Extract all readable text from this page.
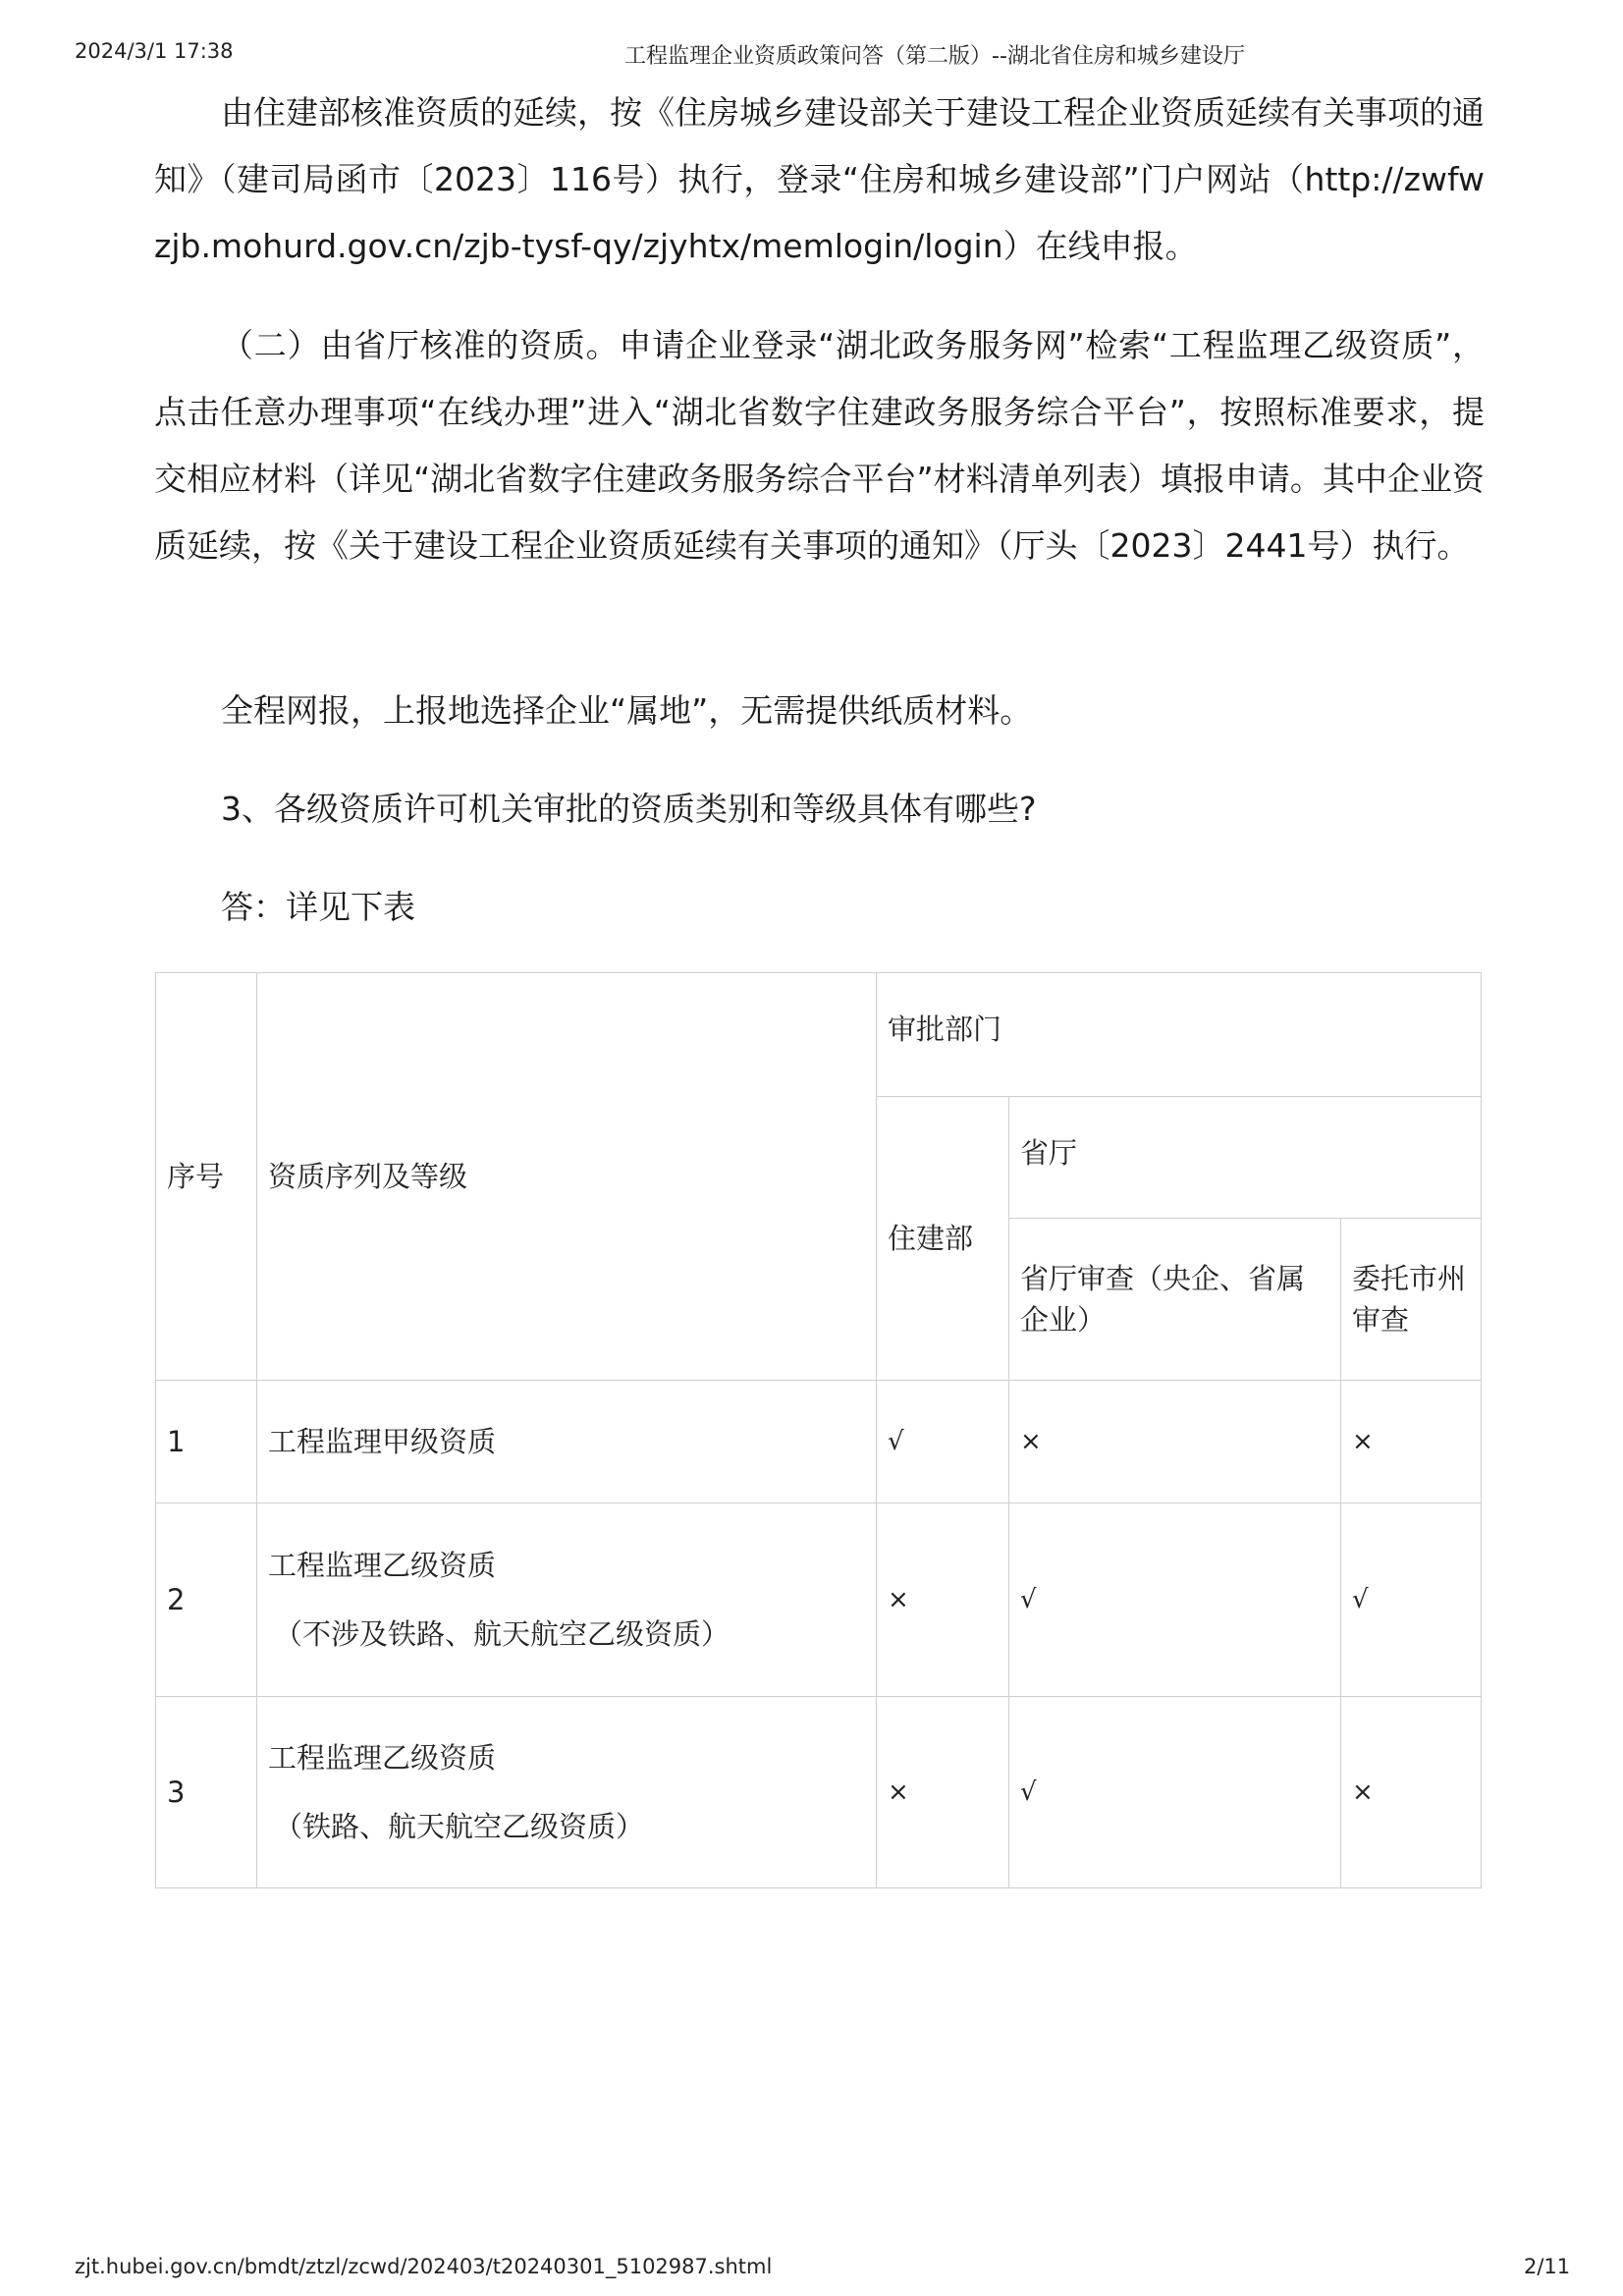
2024/3/1 17:38	工程监理企业资质政策问答（第二版）--湖北省住房和城乡建设厅

由住建部核准资质的延续，按《住房城乡建设部关于建设工程企业资质延续有关事项的通知》（建司局函市〔2023〕116号）执行，登录“住房和城乡建设部”门户网站（http://zwfwzjb.mohurd.gov.cn/zjb-tysf-qy/zjyhtx/memlogin/login）在线申报。

（二）由省厅核准的资质。申请企业登录“湖北政务服务网”检索“工程监理乙级资质”，点击任意办理事项“在线办理”进入“湖北省数字住建政务服务综合平台”，按照标准要求，提交相应材料（详见“湖北省数字住建政务服务综合平台”材料清单列表）填报申请。其中企业资质延续，按《关于建设工程企业资质延续有关事项的通知》（厅头〔2023〕2441号）执行。

全程网报，上报地选择企业“属地”，无需提供纸质材料。

3、各级资质许可机关审批的资质类别和等级具体有哪些?

答：详见下表

序号	资质序列及等级	审批部门		
		住建部	省厅	
			省厅审查（央企、省属企业）	委托市州审查
1	工程监理甲级资质	√	×	×
2	工程监理乙级资质
（不涉及铁路、航天航空乙级资质）	×	√	√
3	工程监理乙级资质
（铁路、航天航空乙级资质）	×	√	×
zjt.hubei.gov.cn/bmdt/ztzl/zcwd/202403/t20240301_5102987.shtml	2/11
